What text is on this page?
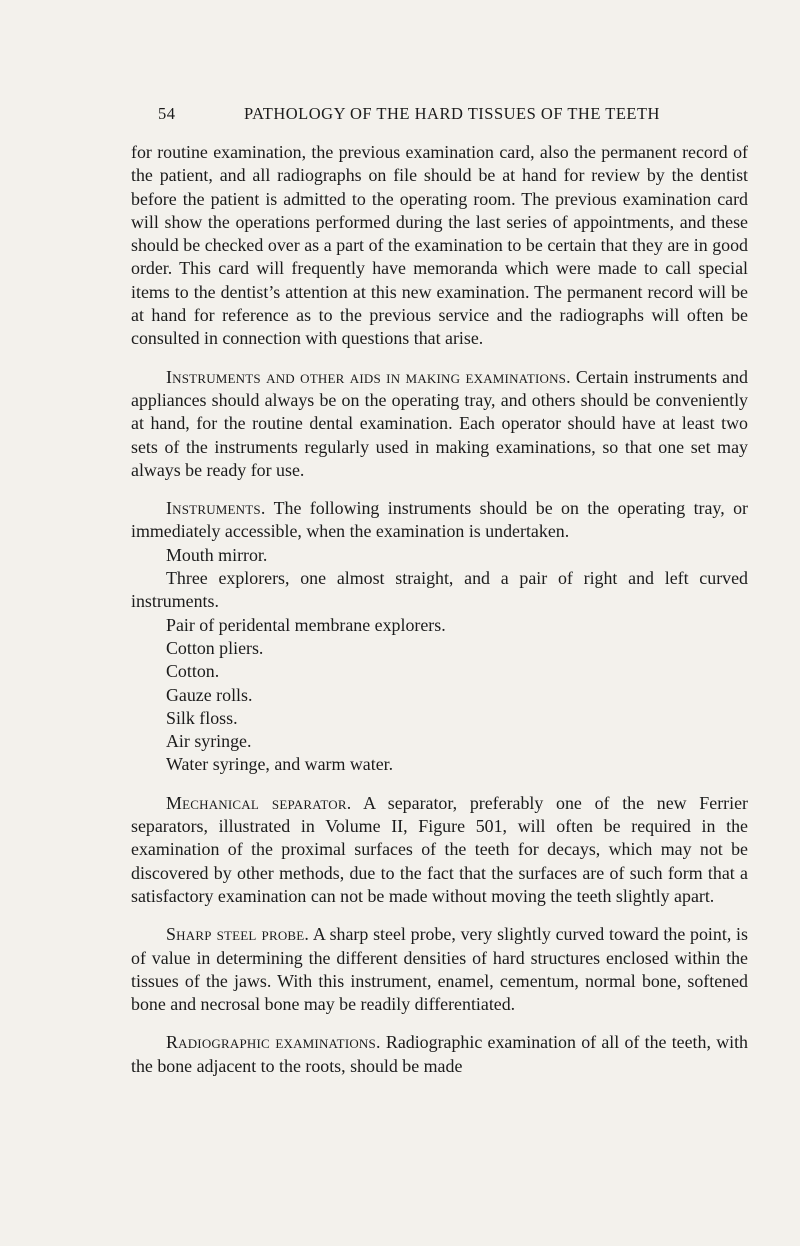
54	PATHOLOGY OF THE HARD TISSUES OF THE TEETH

for routine examination, the previous examination card, also the permanent record of the patient, and all radiographs on file should be at hand for review by the dentist before the patient is admitted to the operating room. The previous examination card will show the operations performed during the last series of appointments, and these should be checked over as a part of the examination to be certain that they are in good order. This card will frequently have memoranda which were made to call special items to the dentist’s attention at this new examination. The permanent record will be at hand for reference as to the previous service and the radiographs will often be consulted in connection with questions that arise.

Instruments and other aids in making examinations. Certain instruments and appliances should always be on the operating tray, and others should be conveniently at hand, for the routine dental examination. Each operator should have at least two sets of the instruments regularly used in making examinations, so that one set may always be ready for use.

Instruments. The following instruments should be on the operating tray, or immediately accessible, when the examination is undertaken.

Mouth mirror.
Three explorers, one almost straight, and a pair of right and left curved instruments.
Pair of peridental membrane explorers.
Cotton pliers.
Cotton.
Gauze rolls.
Silk floss.
Air syringe.
Water syringe, and warm water.

Mechanical separator. A separator, preferably one of the new Ferrier separators, illustrated in Volume II, Figure 501, will often be required in the examination of the proximal surfaces of the teeth for decays, which may not be discovered by other methods, due to the fact that the surfaces are of such form that a satisfactory examination can not be made without moving the teeth slightly apart.

Sharp steel probe. A sharp steel probe, very slightly curved toward the point, is of value in determining the different densities of hard structures enclosed within the tissues of the jaws. With this instrument, enamel, cementum, normal bone, softened bone and necrosal bone may be readily differentiated.

Radiographic examinations. Radiographic examination of all of the teeth, with the bone adjacent to the roots, should be made
